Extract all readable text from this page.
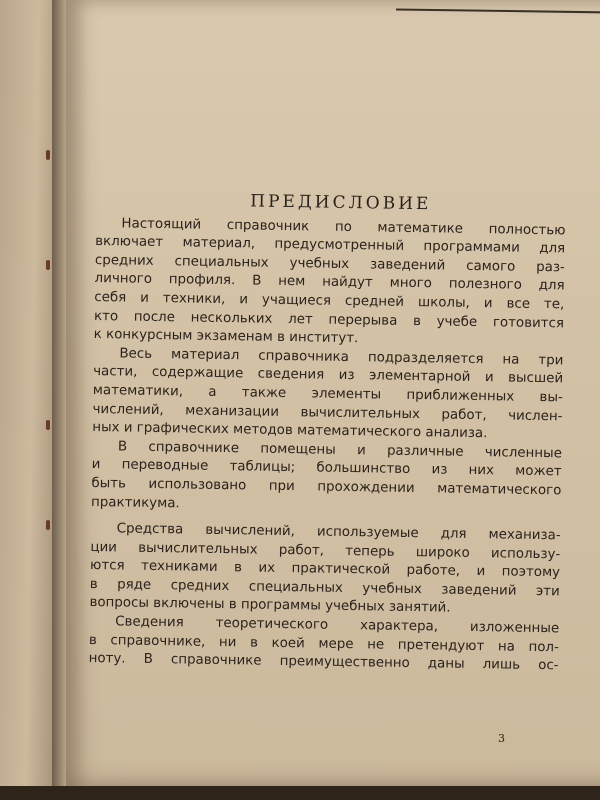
ПРЕДИСЛОВИЕ
Настоящий справочник по математике полностью
включает материал, предусмотренный программами для
средних специальных учебных заведений самого раз-
личного профиля. В нем найдут много полезного для
себя и техники, и учащиеся средней школы, и все те,
кто после нескольких лет перерыва в учебе готовится
к конкурсным экзаменам в институт.
Весь материал справочника подразделяется на три
части, содержащие сведения из элементарной и высшей
математики, а также элементы приближенных вы-
числений, механизации вычислительных работ, числен-
ных и графических методов математического анализа.
В справочнике помещены и различные численные
и переводные таблицы; большинство из них может
быть использовано при прохождении математического
практикума.
Средства вычислений, используемые для механиза-
ции вычислительных работ, теперь широко использу-
ются техниками в их практической работе, и поэтому
в ряде средних специальных учебных заведений эти
вопросы включены в программы учебных занятий.
Сведения теоретического характера, изложенные
в справочнике, ни в коей мере не претендуют на пол-
ноту. В справочнике преимущественно даны лишь ос-
3
